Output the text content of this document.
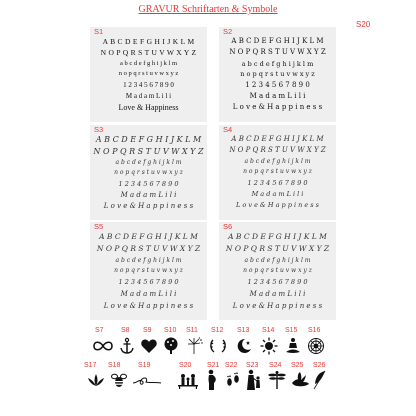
GRAVUR Schriftarten & Symbole
S20
S1
A B C D E F G H I J K L M
N O P Q R S T U V W X Y Z
a b c d e f g h i j k l m
n o p q r s t u v w x y z
1 2 3 4 5 6 7 8 9 0
M a d a m L i l i
Love & Happiness
S2
A B C D E F G H I J K L M
N O P Q R S T U V W X Y Z
a b c d e f g h i j k l m
n o p q r s t u v w x y z
1 2 3 4 5 6 7 8 9 0
M a d a m L i l i
L o v e & H a p p i n e s s
S3
A B C D E F G H I J K L M
N O P Q R S T U V W X Y Z
a b c d e f g h i j k l m
n o p q r s t u v w x y z
1 2 3 4 5 6 7 8 9 0
M a d a m L i l i
L o v e & H a p p i n e s s
S4
A B C D E F G H I J K L M
N O P Q R S T U V W X Y Z
a b c d e f g h i j k l m
n o p q r s t u v w x y z
1 2 3 4 5 6 7 8 9 0
M a d a m L i l i
L o v e & H a p p i n e s s
S5
A B C D E F G H I J K L M
N O P Q R S T U V W X Y Z
a b c d e f g h i j k l m
n o p q r s t u v w x y z
1 2 3 4 5 6 7 8 9 0
M a d a m L i l i
L o v e & H a p p i n e s s
S6
A B C D E F G H I J K L M
N O P Q R S T U V W X Y Z
a b c d e f g h i j k l m
n o p q r s t u v w x y z
1 2 3 4 5 6 7 8 9 0
M a d a m L i l i
L o v e & H a p p i n e s s
S7 S8 S9 S10 S11 S12 S13 S14 S15 S16
S17 S18	S19	S20 S21 S22 S23 S24 S25 S26
